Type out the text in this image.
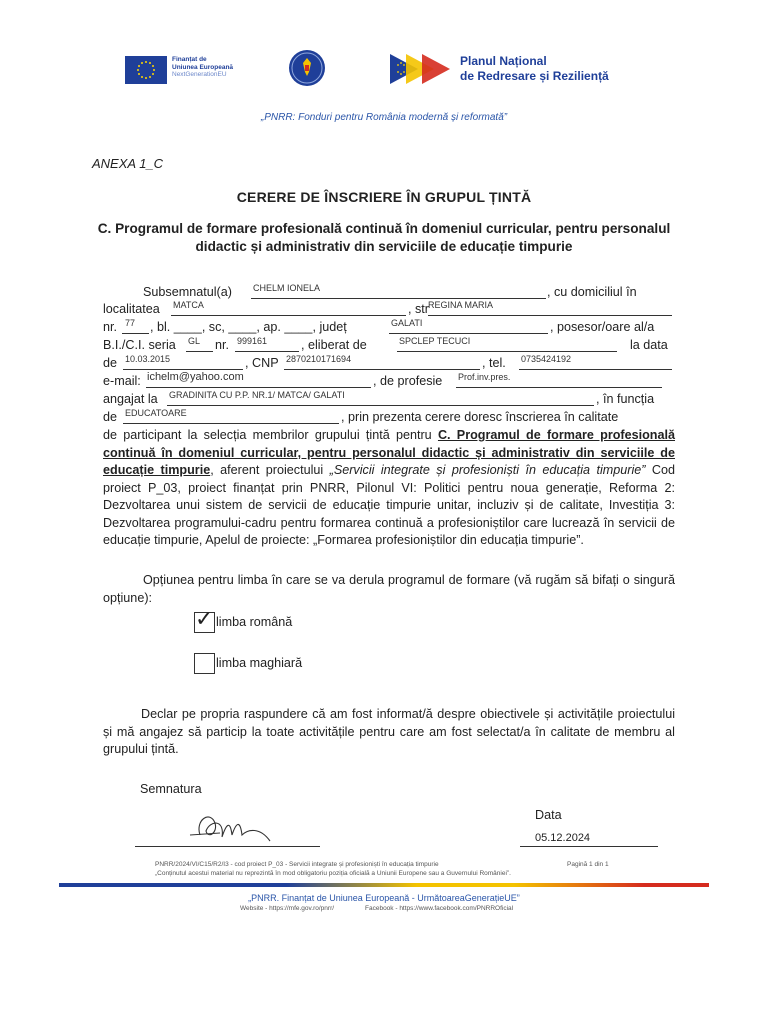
Finanțat de
Uniunea Europeană
NextGenerationEU
Planul Național
de Redresare și Reziliență
„PNRR: Fonduri pentru România modernă și reformată”
ANEXA 1_C
CERERE DE ÎNSCRIERE ÎN GRUPUL ȚINTĂ
C. Programul de formare profesională continuă în domeniul curricular, pentru personalul didactic și administrativ din serviciile de educație timpurie
Subsemnatul(a) CHELM IONELA	, cu domiciliul în
localitatea MATCA	, str REGINA MARIA
nr. 77 , bl. ____, sc, ____, ap. ____, județ	GALATI	, posesor/oare al/a
B.I./C.I. seria GL nr. 999161	, eliberat de	SPCLEP TECUCI	la data
de 10.03.2015	, CNP 2870210171694	, tel. 0735424192
e-mail: ichelm@yahoo.com	, de profesie Prof.inv.pres.
angajat la GRADINITA CU P.P. NR.1/ MATCA/ GALATI	, în funcția
de EDUCATOARE	, prin prezenta cerere doresc înscrierea în calitate
de participant la selecția membrilor grupului țintă pentru C. Programul de formare profesională continuă în domeniul curricular, pentru personalul didactic și administrativ din serviciile de educație timpurie, aferent proiectului „Servicii integrate și profesioniști în educația timpurie” Cod proiect P_03, proiect finanțat prin PNRR, Pilonul VI: Politici pentru noua generație, Reforma 2: Dezvoltarea unui sistem de servicii de educație timpurie unitar, incluziv și de calitate, Investiția 3: Dezvoltarea programului-cadru pentru formarea continuă a profesioniștilor care lucrează în servicii de educație timpurie, Apelul de proiecte: „Formarea profesioniștilor din educația timpurie”.
Opțiunea pentru limba în care se va derula programul de formare (vă rugăm să bifați o singură opțiune):
✓ limba română
limba maghiară
Declar pe propria raspundere că am fost informat/ă despre obiectivele și activitățile proiectului și mă angajez să particip la toate activitățile pentru care am fost selectat/a în calitate de membru al grupului țintă.
Semnatura
Data
05.12.2024
PNRR/2024/VI/C15/R2/I3 - cod proiect P_03 - Servicii integrate și profesioniști în educația timpurie	Pagină 1 din 1
„Conținutul acestui material nu reprezintă în mod obligatoriu poziția oficială a Uniunii Europene sau a Guvernului României”.
„PNRR. Finanțat de Uniunea Europeană - UrmătoareaGenerațieUE”
Website - https://mfe.gov.ro/pnrr/	Facebook - https://www.facebook.com/PNRROficial
